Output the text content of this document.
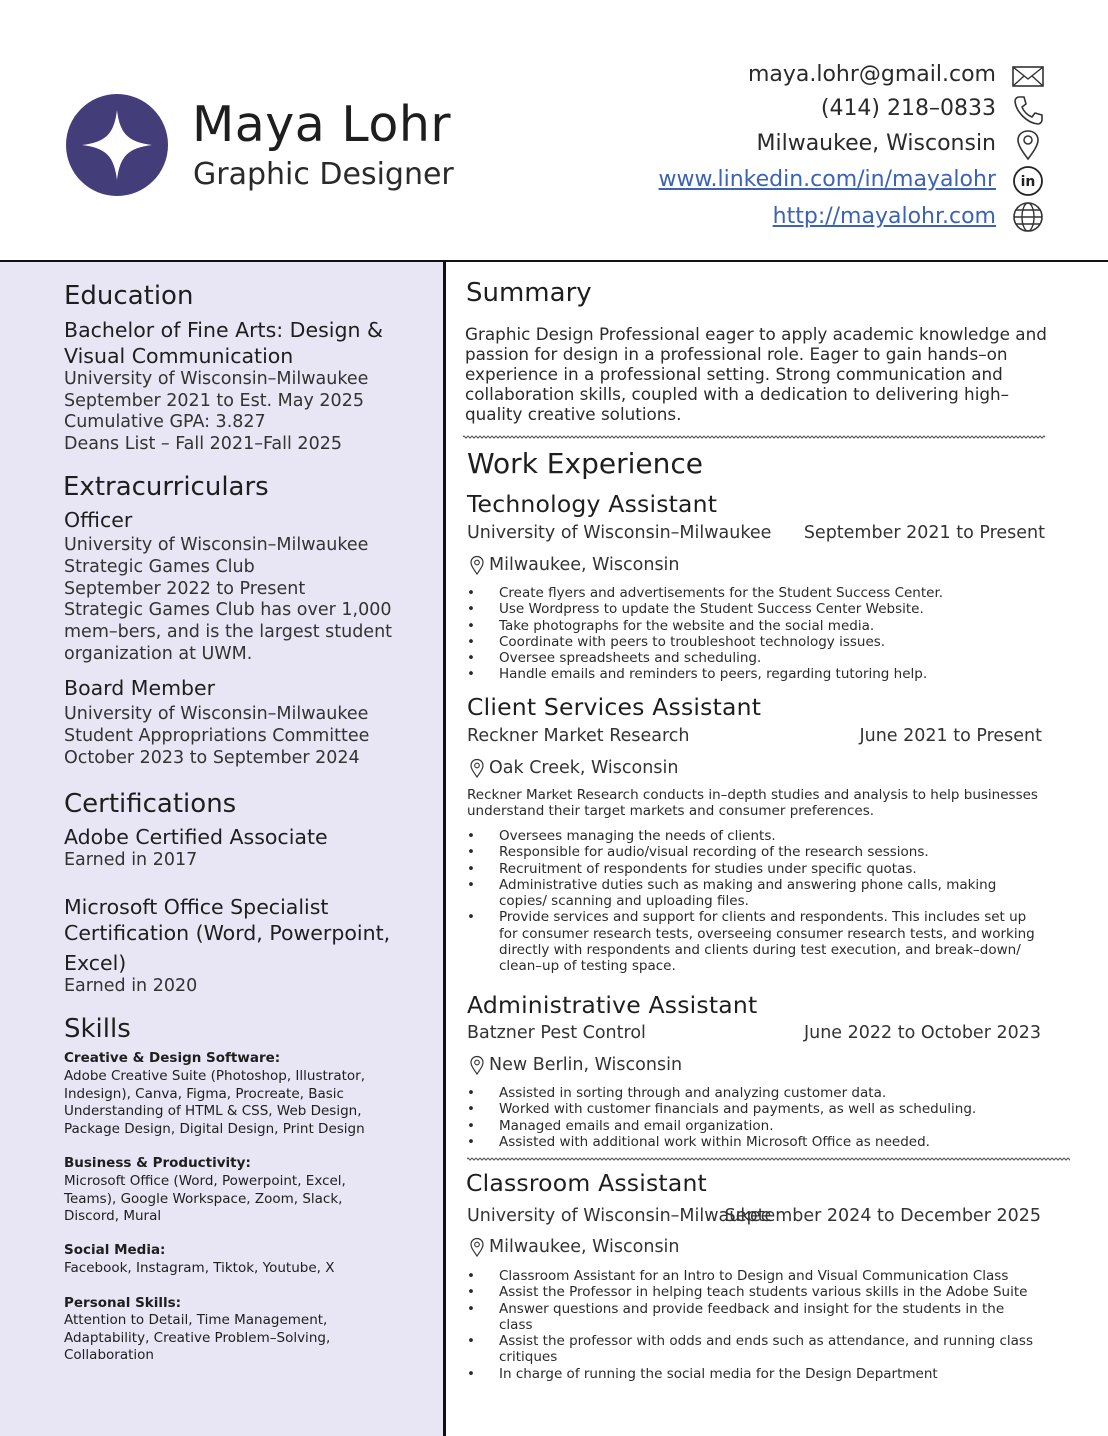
Maya Lohr
Graphic Designer
maya.lohr@gmail.com
(414) 218–0833
Milwaukee, Wisconsin
www.linkedin.com/in/mayalohr
http://mayalohr.com
in
Education
Bachelor of Fine Arts: Design &
Visual Communication
University of Wisconsin–Milwaukee
September 2021 to Est. May 2025
Cumulative GPA: 3.827
Deans List – Fall 2021–Fall 2025
Extracurriculars
Officer
University of Wisconsin–Milwaukee
Strategic Games Club
September 2022 to Present
Strategic Games Club has over 1,000 mem–bers, and is the largest student organization at UWM.
Board Member
University of Wisconsin–Milwaukee
Student Appropriations Committee
October 2023 to September 2024
Certifications
Adobe Certified Associate
Earned in 2017
Microsoft Office Specialist
Certification (Word, Powerpoint,
Excel)
Earned in 2020
Skills
Creative & Design Software:
Adobe Creative Suite (Photoshop, Illustrator, Indesign), Canva, Figma, Procreate, Basic Understanding of HTML & CSS, Web Design, Package Design, Digital Design, Print Design
Business & Productivity:
Microsoft Office (Word, Powerpoint, Excel, Teams), Google Workspace, Zoom, Slack, Discord, Mural
Social Media:
Facebook, Instagram, Tiktok, Youtube, X
Personal Skills:
Attention to Detail, Time Management, Adaptability, Creative Problem–Solving, Collaboration
Summary
Graphic Design Professional eager to apply academic knowledge and passion for design in a professional role. Eager to gain hands–on experience in a professional setting. Strong communication and collaboration skills, coupled with a dedication to delivering high–quality creative solutions.
Work Experience
Technology Assistant
University of Wisconsin–Milwaukee September 2021 to Present
Milwaukee, Wisconsin
• Create flyers and advertisements for the Student Success Center.
• Use Wordpress to update the Student Success Center Website.
• Take photographs for the website and the social media.
• Coordinate with peers to troubleshoot technology issues.
• Oversee spreadsheets and scheduling.
• Handle emails and reminders to peers, regarding tutoring help.
Client Services Assistant
Reckner Market Research	June 2021 to Present
Oak Creek, Wisconsin
Reckner Market Research conducts in–depth studies and analysis to help businesses understand their target markets and consumer preferences.
• Oversees managing the needs of clients.
• Responsible for audio/visual recording of the research sessions.
• Recruitment of respondents for studies under specific quotas.
• Administrative duties such as making and answering phone calls, making copies/ scanning and uploading files.
• Provide services and support for clients and respondents. This includes set up for consumer research tests, overseeing consumer research tests, and working directly with respondents and clients during test execution, and break–down/ clean–up of testing space.
Administrative Assistant
Batzner Pest Control	June 2022 to October 2023
New Berlin, Wisconsin
• Assisted in sorting through and analyzing customer data.
• Worked with customer financials and payments, as well as scheduling.
• Managed emails and email organization.
• Assisted with additional work within Microsoft Office as needed.
Classroom Assistant
University of Wisconsin–Milwaukee
September 2024 to December 2025
Milwaukee, Wisconsin
• Classroom Assistant for an Intro to Design and Visual Communication Class
• Assist the Professor in helping teach students various skills in the Adobe Suite
• Answer questions and provide feedback and insight for the students in the class
• Assist the professor with odds and ends such as attendance, and running class critiques
• In charge of running the social media for the Design Department
